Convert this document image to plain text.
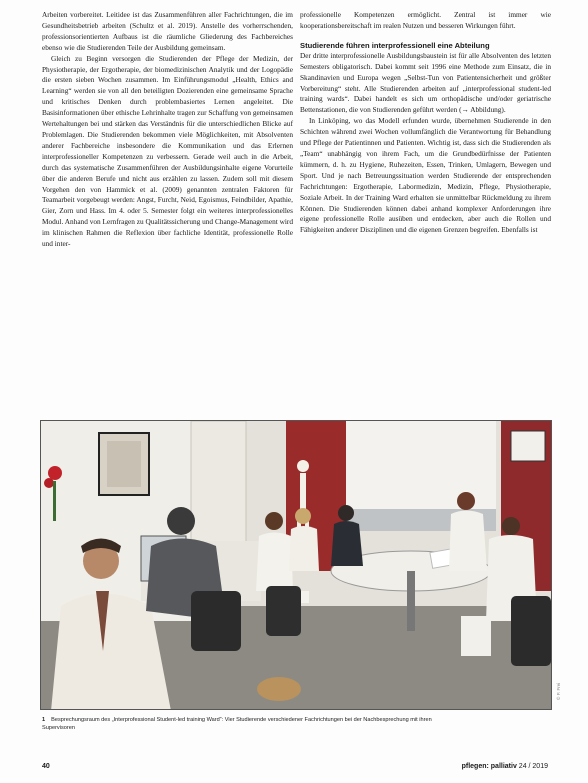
Arbeiten vorbereitet. Leitidee ist das Zusammenführen aller Fachrichtungen, die im Gesundheitsbetrieb arbeiten (Schultz et al. 2019). Anstelle des vorherrschenden, professionsorientierten Aufbaus ist die räumliche Gliederung des Fachbereiches ebenso wie die Studierenden Teile der Ausbildung gemeinsam.

Gleich zu Beginn versorgen die Studierenden der Pflege der Medizin, der Physiotherapie, der Ergotherapie, der biomedizinischen Analytik und der Logopädie die ersten sieben Wochen zusammen. Im Einführungsmodul „Health, Ethics and Learning“ werden sie von all den beteiligten Dozierenden eine gemeinsame Sprache und kritisches Denken durch problembasiertes Lernen angeleitet. Die Basisinformationen über ethische Lehrinhalte tragen zur Schaffung von gemeinsamen Wertehaltungen bei und stärken das Verständnis für die unterschiedlichen Blicke auf Problemlagen. Die Studierenden bekommen viele Möglichkeiten, mit Absolventen anderer Fachbereiche insbesondere die Kommunikation und das Erlernen interprofessioneller Kompetenzen zu verbessern. Gerade weil auch in die Arbeit, durch das systematische Zusammenführen der Ausbildungsinhalte eigene Vorurteile über die anderen Berufe und nicht aus erzählen zu lassen. Zudem soll mit diesem Vorgehen den von Hammick et al. (2009) genannten zentralen Faktoren für Teamarbeit vorgebeugt werden: Angst, Furcht, Neid, Egoismus, Feindbilder, Apathie, Gier, Zorn und Hass. Im 4. oder 5. Semester folgt ein weiteres interprofessionelles Modul. Anhand von Lernfragen zu Qualitätssicherung und Change-Management wird im klinischen Rahmen die Reflexion über fachliche Identität, professionelle Rolle und inter-

professionelle Kompetenzen ermöglicht. Zentral ist immer wie kooperationsbereitschaft im realen Nutzen und besseren Wirkungen führt.

Studierende führen interprofessionell eine Abteilung

Der dritte interprofessionelle Ausbildungsbaustein ist für alle Absolventen des letzten Semesters obligatorisch. Dabei kommt seit 1996 eine Methode zum Einsatz, die in Skandinavien und Europa wegen „Selbst-Tun von Patientensicherheit und größter Vorbereitung“ steht. Alle Studierenden arbeiten auf „interprofessional student-led training wards“. Dabei handelt es sich um orthopädische und/oder geriatrische Bettenstationen, die von Studierenden geführt werden (→ Abbildung).

In Linköping, wo das Modell erfunden wurde, übernehmen Studierende in den Schichten während zwei Wochen vollumfänglich die Verantwortung für Behandlung und Pflege der Patientinnen und Patienten. Wichtig ist, dass sich die Studierenden als „Team“ unabhängig von ihrem Fach, um die Grundbedürfnisse der Patienten kümmern, d. h. zu Hygiene, Ruhezeiten, Essen, Trinken, Umlagern, Bewegen und Sport. Und je nach Betreuungssituation werden Studierende der entsprechenden Fachrichtungen: Ergotherapie, Labormedizin, Medizin, Pflege, Physiotherapie, Soziale Arbeit. In der Training Ward erhalten sie unmittelbar Rückmeldung zu ihrem Können. Die Studierenden können dabei anhand komplexer Anforderungen ihre eigene professionelle Rolle ausüben und entdecken, aber auch die Rollen und Fähigkeiten anderer Disziplinen und die eigenen Grenzen begreifen. Ebenfalls ist

© P. Frei
1 Besprechungsraum des „Interprofessional Student-led training Ward“: Vier Studierende verschiedener Fachrichtungen bei der Nachbesprechung mit ihren Supervisoren
40	pflegen: palliativ 24 / 2019
